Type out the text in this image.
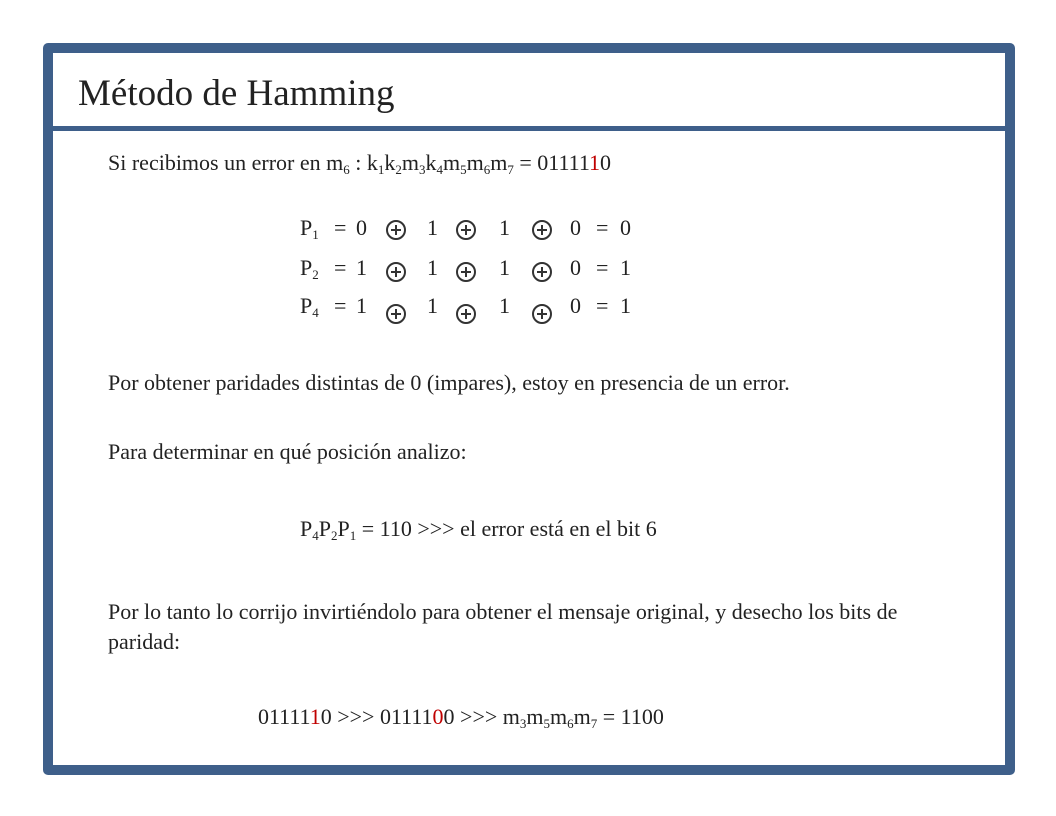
Método de Hamming
Si recibimos un error en $m_6$ : $k_1k_2m_3k_4m_5m_6m_7 = 0111110$
$P_1 = 0$	1	1	0 = 0
$P_2 = 1$	1	1	0 = 1
$P_4 = 1$	1	1	0 = 1
Por obtener paridades distintas de 0 (impares), estoy en presencia de un error.
Para determinar en qué posición analizo:
$P_4P_2P_1 = 110$ >>> el error está en el bit 6
Por lo tanto lo corrijo invirtiéndolo para obtener el mensaje original, y desecho los bits de paridad:
0111110 >>> 0111100 >>> $m_3m_5m_6m_7 = 1100$
